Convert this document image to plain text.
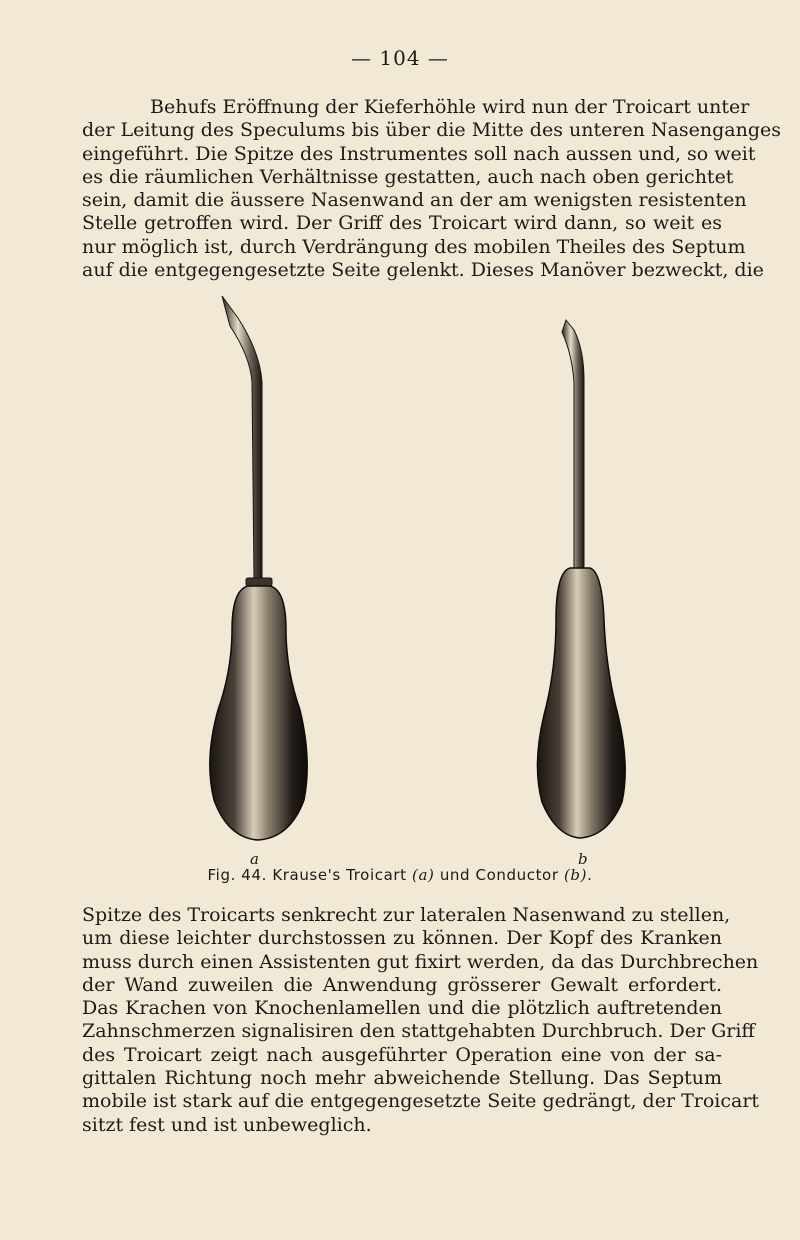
— 104 —
Behufs Eröffnung der Kieferhöhle wird nun der Troicart unter
der Leitung des Speculums bis über die Mitte des unteren Nasenganges
eingeführt. Die Spitze des Instrumentes soll nach aussen und, so weit
es die räumlichen Verhältnisse gestatten, auch nach oben gerichtet
sein, damit die äussere Nasenwand an der am wenigsten resistenten
Stelle getroffen wird. Der Griff des Troicart wird dann, so weit es
nur möglich ist, durch Verdrängung des mobilen Theiles des Septum
auf die entgegengesetzte Seite gelenkt. Dieses Manöver bezweckt, die
a	b
Fig. 44. Krause's Troicart (a) und Conductor (b).
Spitze des Troicarts senkrecht zur lateralen Nasenwand zu stellen,
um diese leichter durchstossen zu können. Der Kopf des Kranken
muss durch einen Assistenten gut fixirt werden, da das Durchbrechen
der Wand zuweilen die Anwendung grösserer Gewalt erfordert.
Das Krachen von Knochenlamellen und die plötzlich auftretenden
Zahnschmerzen signalisiren den stattgehabten Durchbruch. Der Griff
des Troicart zeigt nach ausgeführter Operation eine von der sa-
gittalen Richtung noch mehr abweichende Stellung. Das Septum
mobile ist stark auf die entgegengesetzte Seite gedrängt, der Troicart
sitzt fest und ist unbeweglich.
